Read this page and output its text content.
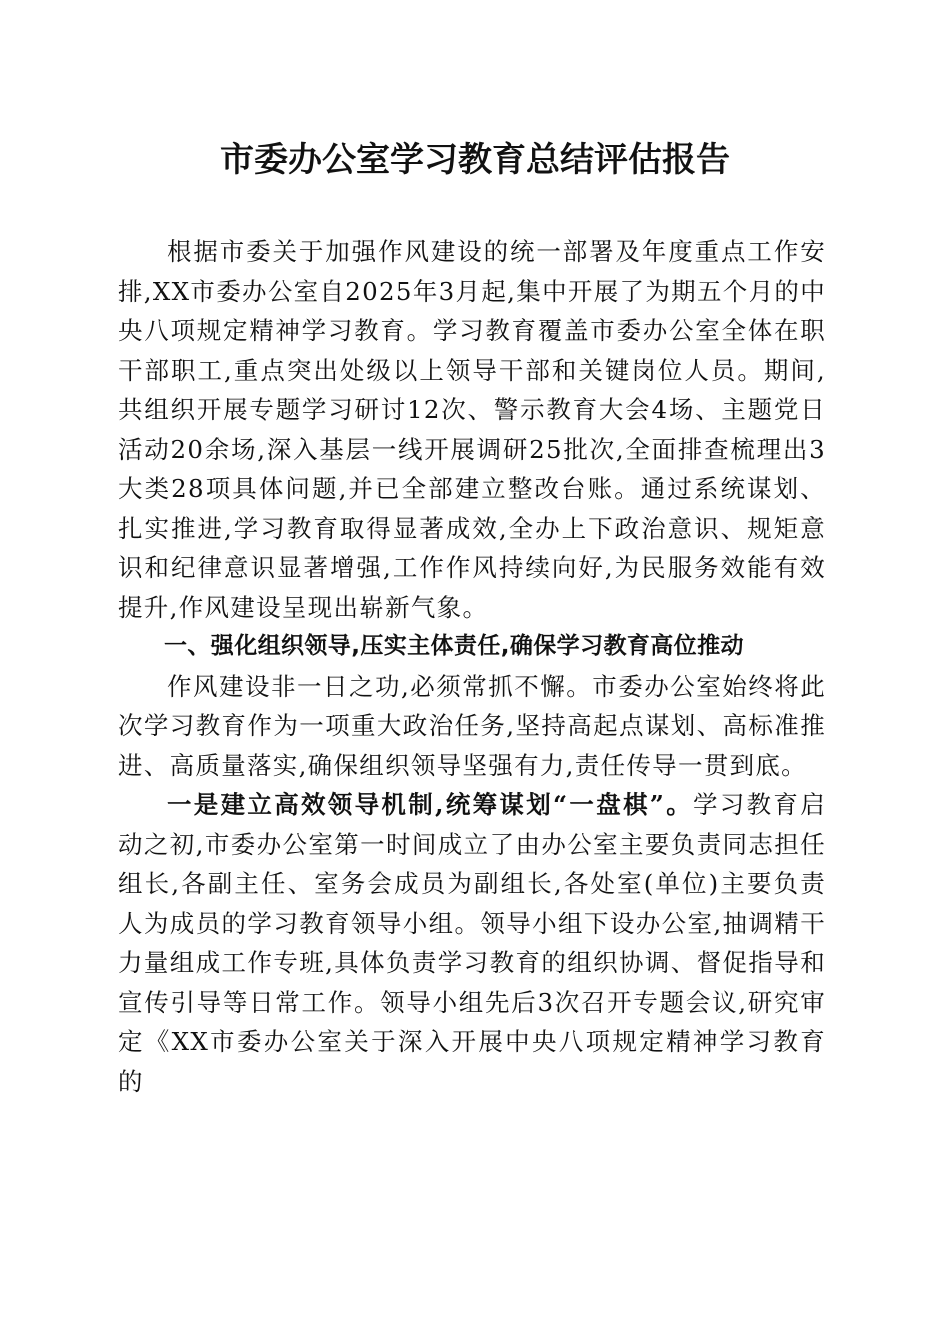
市委办公室学习教育总结评估报告

根据市委关于加强作风建设的统一部署及年度重点工作安排,XX市委办公室自2025年3月起,集中开展了为期五个月的中央八项规定精神学习教育。学习教育覆盖市委办公室全体在职干部职工,重点突出处级以上领导干部和关键岗位人员。期间,共组织开展专题学习研讨12次、警示教育大会4场、主题党日活动20余场,深入基层一线开展调研25批次,全面排查梳理出3大类28项具体问题,并已全部建立整改台账。通过系统谋划、扎实推进,学习教育取得显著成效,全办上下政治意识、规矩意识和纪律意识显著增强,工作作风持续向好,为民服务效能有效提升,作风建设呈现出崭新气象。

一、强化组织领导,压实主体责任,确保学习教育高位推动

作风建设非一日之功,必须常抓不懈。市委办公室始终将此次学习教育作为一项重大政治任务,坚持高起点谋划、高标准推进、高质量落实,确保组织领导坚强有力,责任传导一贯到底。

一是建立高效领导机制,统筹谋划“一盘棋”。学习教育启动之初,市委办公室第一时间成立了由办公室主要负责同志担任组长,各副主任、室务会成员为副组长,各处室(单位)主要负责人为成员的学习教育领导小组。领导小组下设办公室,抽调精干力量组成工作专班,具体负责学习教育的组织协调、督促指导和宣传引导等日常工作。领导小组先后3次召开专题会议,研究审定《XX市委办公室关于深入开展中央八项规定精神学习教育的
